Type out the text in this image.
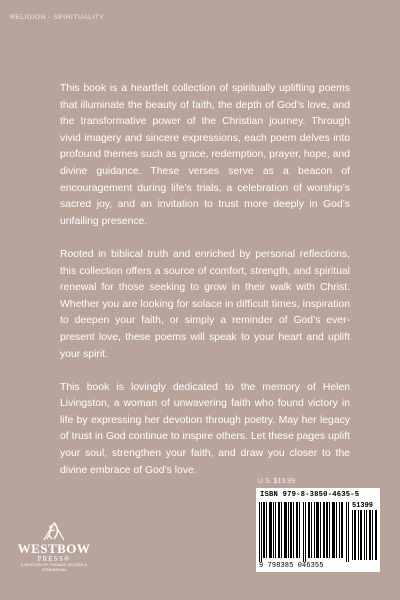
RELIGION - SPIRITUALITY

This book is a heartfelt collection of spiritually uplifting poems that illuminate the beauty of faith, the depth of God’s love, and the transformative power of the Christian journey. Through vivid imagery and sincere expressions, each poem delves into profound themes such as grace, redemption, prayer, hope, and divine guidance. These verses serve as a beacon of encouragement during life’s trials, a celebration of worship’s sacred joy, and an invitation to trust more deeply in God’s unfailing presence.

Rooted in biblical truth and enriched by personal reflections, this collection offers a source of comfort, strength, and spiritual renewal for those seeking to grow in their walk with Christ. Whether you are looking for solace in difficult times, inspiration to deepen your faith, or simply a reminder of God’s ever-present love, these poems will speak to your heart and uplift your spirit.

This book is lovingly dedicated to the memory of Helen Livingston, a woman of unwavering faith who found victory in life by expressing her devotion through poetry. May her legacy of trust in God continue to inspire others. Let these pages uplift your soul, strengthen your faith, and draw you closer to the divine embrace of God’s love.

U.S. $13.99
ISBN 979-8-3850-4635-5
51399
9 798385 046355
WESTBOW
PRESS®
A DIVISION OF THOMAS NELSON & ZONDERVAN
